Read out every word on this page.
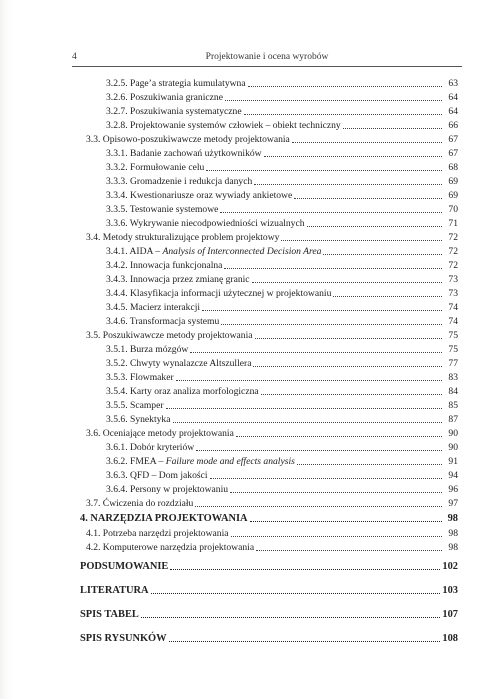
4	Projektowanie i ocena wyrobów
3.2.5. Page’a strategia kumulatywna	63
3.2.6. Poszukiwania graniczne	64
3.2.7. Poszukiwania systematyczne	64
3.2.8. Projektowanie systemów człowiek – obiekt techniczny	66
3.3. Opisowo-poszukiwawcze metody projektowania	67
3.3.1. Badanie zachowań użytkowników	67
3.3.2. Formułowanie celu	68
3.3.3. Gromadzenie i redukcja danych	69
3.3.4. Kwestionariusze oraz wywiady ankietowe	69
3.3.5. Testowanie systemowe	70
3.3.6. Wykrywanie niecodpowiedniości wizualnych	71
3.4. Metody strukturalizujące problem projektowy	72
3.4.1. AIDA – Analysis of Interconnected Decision Area	72
3.4.2. Innowacja funkcjonalna	72
3.4.3. Innowacja przez zmianę granic	73
3.4.4. Klasyfikacja informacji użytecznej w projektowaniu	73
3.4.5. Macierz interakcji	74
3.4.6. Transformacja systemu	74
3.5. Poszukiwawcze metody projektowania	75
3.5.1. Burza mózgów	75
3.5.2. Chwyty wynalazcze Altszullera	77
3.5.3. Flowmaker	83
3.5.4. Karty oraz analiza morfologiczna	84
3.5.5. Scamper	85
3.5.6. Synektyka	87
3.6. Oceniające metody projektowania	90
3.6.1. Dobór kryteriów	90
3.6.2. FMEA – Failure mode and effects analysis	91
3.6.3. QFD – Dom jakości	94
3.6.4. Persony w projektowaniu	96
3.7. Ćwiczenia do rozdziału	97
4. NARZĘDZIA PROJEKTOWANIA	98
4.1. Potrzeba narzędzi projektowania	98
4.2. Komputerowe narzędzia projektowania	98
PODSUMOWANIE	102
LITERATURA	103
SPIS TABEL	107
SPIS RYSUNKÓW	108
